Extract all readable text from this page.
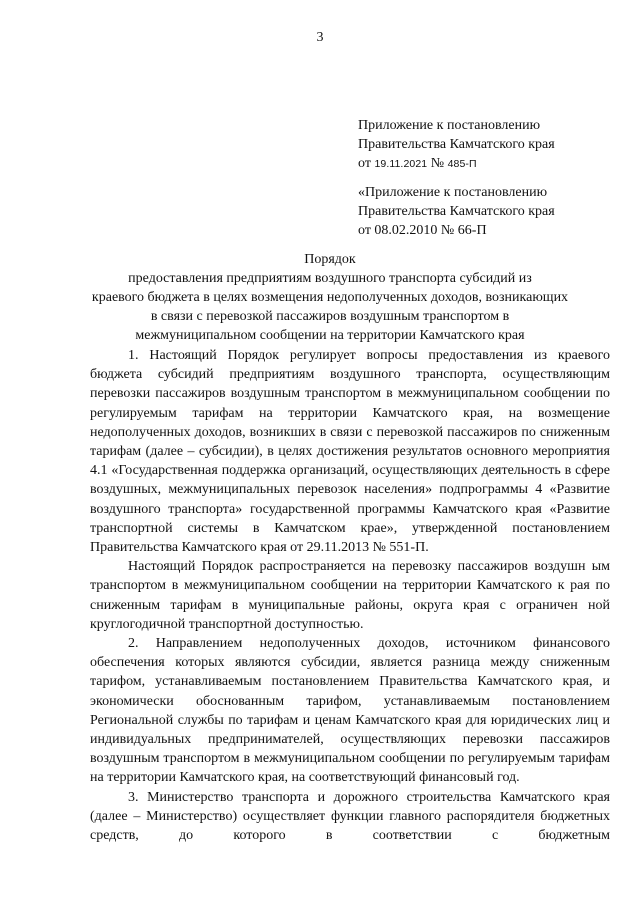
3
Приложение к постановлению
Правительства Камчатского края
от 19.11.2021 № 485-П
«Приложение к постановлению
Правительства Камчатского края
от 08.02.2010 № 66-П
Порядок
предоставления предприятиям воздушного транспорта субсидий из
краевого бюджета в целях возмещения недополученных доходов, возникающих
в связи с перевозкой пассажиров воздушным транспортом в
межмуниципальном сообщении на территории Камчатского края

1. Настоящий Порядок регулирует вопросы предоставления из краевого бюджета субсидий предприятиям воздушного транспорта, осуществляющим перевозки пассажиров воздушным транспортом в межмуниципальном сообщении по регулируемым тарифам на территории Камчатского края, на возмещение недополученных доходов, возникших в связи с перевозкой пассажиров по сниженным тарифам (далее – субсидии), в целях достижения результатов основного мероприятия 4.1 «Государственная поддержка организаций, осуществляющих деятельность в сфере воздушных, межмуниципальных перевозок населения» подпрограммы 4 «Развитие воздушного транспорта» государственной программы Камчатского края «Развитие транспортной системы в Камчатском крае», утвержденной постановлением Правительства Камчатского края от 29.11.2013 № 551-П.

Настоящий Порядок распространяется на перевозку пассажиров воздушн ым транспортом в межмуниципальном сообщении на территории Камчатского к рая по сниженным тарифам в муниципальные районы, округа края с ограничен ной круглогодичной транспортной доступностью.

2. Направлением недополученных доходов, источником финансового обеспечения которых являются субсидии, является разница между сниженным тарифом, устанавливаемым постановлением Правительства Камчатского края, и экономически обоснованным тарифом, устанавливаемым постановлением Региональной службы по тарифам и ценам Камчатского края для юридических лиц и индивидуальных предпринимателей, осуществляющих перевозки пассажиров воздушным транспортом в межмуниципальном сообщении по регулируемым тарифам на территории Камчатского края, на соответствующий финансовый год.

3. Министерство транспорта и дорожного строительства Камчатского края (далее – Министерство) осуществляет функции главного распорядителя бюджетных средств, до которого в соответствии с бюджетным
